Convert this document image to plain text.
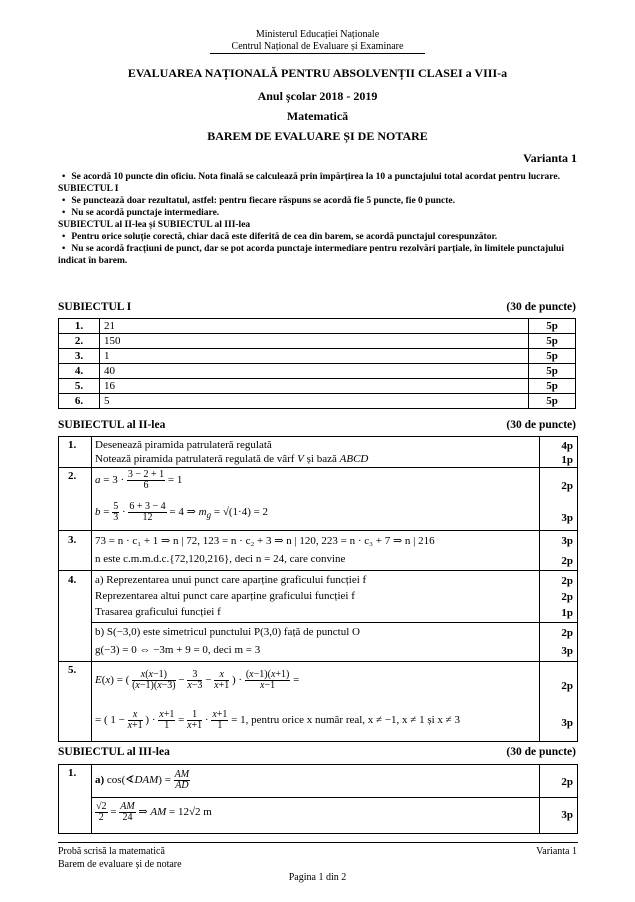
Ministerul Educației Naționale
Centrul Național de Evaluare și Examinare
EVALUAREA NAȚIONALĂ PENTRU ABSOLVENȚII CLASEI a VIII-a
Anul școlar 2018 - 2019
Matematică
BAREM DE EVALUARE ȘI DE NOTARE
Varianta 1
• Se acordă 10 puncte din oficiu. Nota finală se calculează prin împărțirea la 10 a punctajului total acordat pentru lucrare.
SUBIECTUL I
• Se punctează doar rezultatul, astfel: pentru fiecare răspuns se acordă fie 5 puncte, fie 0 puncte.
• Nu se acordă punctaje intermediare.
SUBIECTUL al II-lea și SUBIECTUL al III-lea
• Pentru orice soluție corectă, chiar dacă este diferită de cea din barem, se acordă punctajul corespunzător.
• Nu se acordă fracțiuni de punct, dar se pot acorda punctaje intermediare pentru rezolvări parțiale, în limitele punctajului indicat în barem.
SUBIECTUL I	(30 de puncte)
1.	21	5p
2.	150	5p
3.	1	5p
4.	40	5p
5.	16	5p
6.	5	5p
SUBIECTUL al II-lea	(30 de puncte)
1. Desenează piramida patrulateră regulată	4p
Notează piramida patrulateră regulată de vârf V și bază ABCD	1p
2. $a = 3 \cdot \frac{3 - 2 + 1}{6} = 1$	2p
$b = \frac{5}{3} \cdot \frac{6 + 3 - 4}{12} = 4$ ⇒ $m_g = √(1\cdot 4) = 2$	3p
3. 73 = n · c₁ + 1 ⇒ n | 72, 123 = n · c₂ + 3 ⇒ n | 120, 223 = n · c₃ + 7 ⇒ n | 216	3p
n este c.m.m.d.c.{72,120,216}, deci n = 24, care convine	2p
4. a) Reprezentarea unui punct care aparține graficului funcției f	2p
Reprezentarea altui punct care aparține graficului funcției f	2p
Trasarea graficului funcției f	1p
b) S(−3,0) este simetricul punctului P(3,0) față de punctul O	2p
g(−3) = 0 ⇔ −3m + 9 = 0, deci m = 3	3p
5.
E(x) = ( $\frac{x(x-1)}{(x-1)(x-3)} - \frac{3}{x-3} - \frac{x}{x+1}$ ) · $\frac{(x-1)(x+1)}{x-1}$ =	2p
= ( $1 - \frac{x}{x+1}$ ) · $\frac{x+1}{1} = \frac{1}{x+1} \cdot \frac{x+1}{1} = 1$, pentru orice x număr real, x ≠ −1, x ≠ 1 și x ≠ 3	3p
SUBIECTUL al III-lea	(30 de puncte)
1.
a) cos(∢DAM) = $\frac{AM}{AD}$	2p
$\frac{√2}{2} = \frac{AM}{24}$ ⇒ AM = 12√2 m	3p
Probă scrisă la matematică
Barem de evaluare și de notare
Varianta 1
Pagina 1 din 2
